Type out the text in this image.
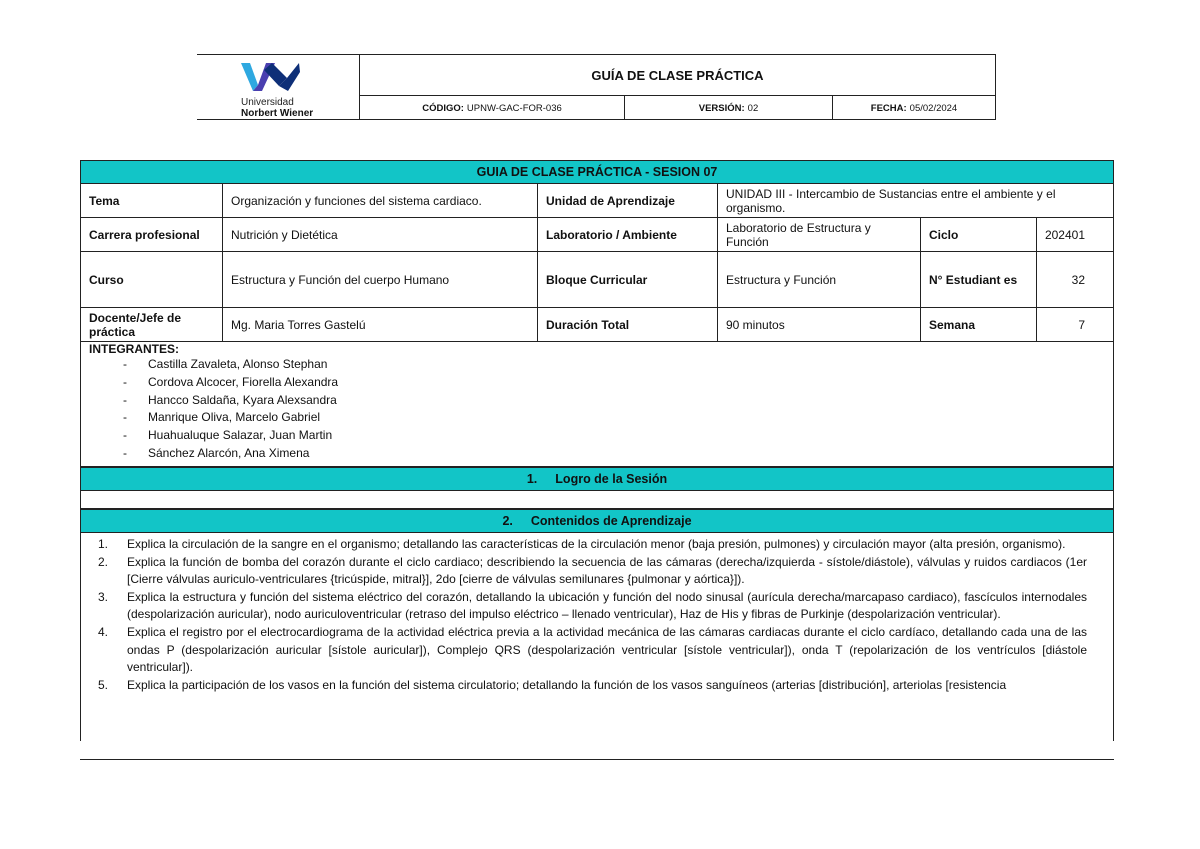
Universidad
Norbert Wiener
GUÍA DE CLASE PRÁCTICA
CÓDIGO: UPNW-GAC-FOR-036	VERSIÓN: 02	FECHA: 05/02/2024
GUIA DE CLASE PRÁCTICA - SESION 07
Tema	Organización y funciones del sistema cardiaco.	Unidad de Aprendizaje	UNIDAD III - Intercambio de Sustancias entre el ambiente y el organismo.
Carrera profesional	Nutrición y Dietética	Laboratorio / Ambiente	Laboratorio de Estructura y Función	Ciclo	202401
Curso	Estructura y Función del cuerpo Humano	Bloque Curricular	Estructura y Función	N° Estudiant es	32
Docente/Jefe de práctica	Mg. Maria Torres Gastelú	Duración Total	90 minutos	Semana	7
INTEGRANTES:
- Castilla Zavaleta, Alonso Stephan
- Cordova Alcocer, Fiorella Alexandra
- Hancco Saldaña, Kyara Alexsandra
- Manrique Oliva, Marcelo Gabriel
- Huahualuque Salazar, Juan Martin
- Sánchez Alarcón, Ana Ximena
1. Logro de la Sesión
2. Contenidos de Aprendizaje
1. Explica la circulación de la sangre en el organismo; detallando las características de la circulación menor (baja presión, pulmones) y circulación mayor (alta presión, organismo).
2. Explica la función de bomba del corazón durante el ciclo cardiaco; describiendo la secuencia de las cámaras (derecha/izquierda - sístole/diástole), válvulas y ruidos cardiacos (1er [Cierre válvulas auriculo-ventriculares {tricúspide, mitral}], 2do [cierre de válvulas semilunares {pulmonar y aórtica}]).
3. Explica la estructura y función del sistema eléctrico del corazón, detallando la ubicación y función del nodo sinusal (aurícula derecha/marcapaso cardiaco), fascículos internodales (despolarización auricular), nodo auriculoventricular (retraso del impulso eléctrico – llenado ventricular), Haz de His y fibras de Purkinje (despolarización ventricular).
4. Explica el registro por el electrocardiograma de la actividad eléctrica previa a la actividad mecánica de las cámaras cardiacas durante el ciclo cardíaco, detallando cada una de las ondas P (despolarización auricular [sístole auricular]), Complejo QRS (despolarización ventricular [sístole ventricular]), onda T (repolarización de los ventrículos [diástole ventricular]).
5. Explica la participación de los vasos en la función del sistema circulatorio; detallando la función de los vasos sanguíneos (arterias [distribución], arteriolas [resistencia
